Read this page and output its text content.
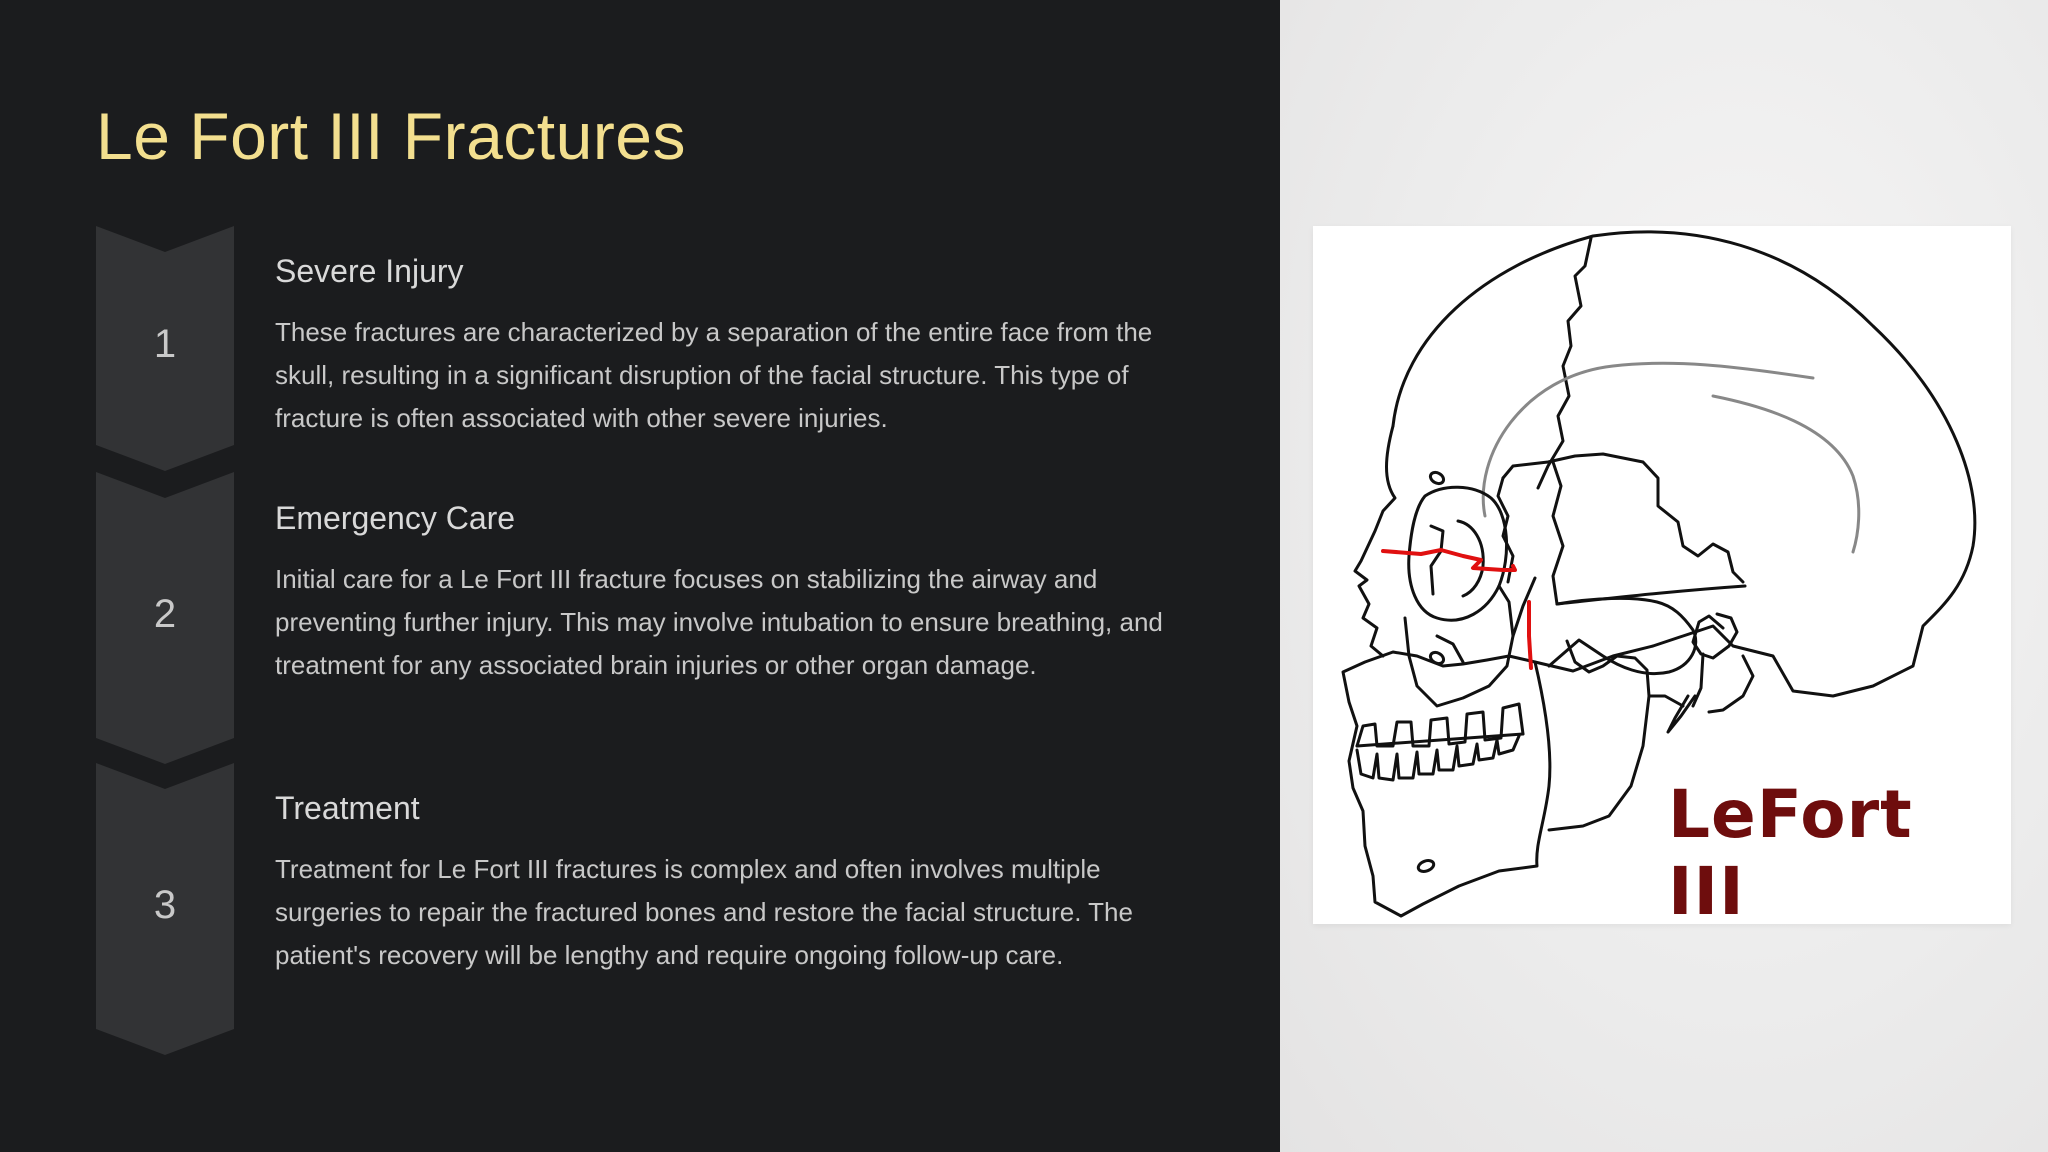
Le Fort III Fractures
1
Severe Injury

These fractures are characterized by a separation of the entire face from the skull, resulting in a significant disruption of the facial structure. This type of fracture is often associated with other severe injuries.

2
Emergency Care

Initial care for a Le Fort III fracture focuses on stabilizing the airway and preventing further injury. This may involve intubation to ensure breathing, and treatment for any associated brain injuries or other organ damage.

3
Treatment

Treatment for Le Fort III fractures is complex and often involves multiple surgeries to repair the fractured bones and restore the facial structure. The patient's recovery will be lengthy and require ongoing follow-up care.

LeFort III
